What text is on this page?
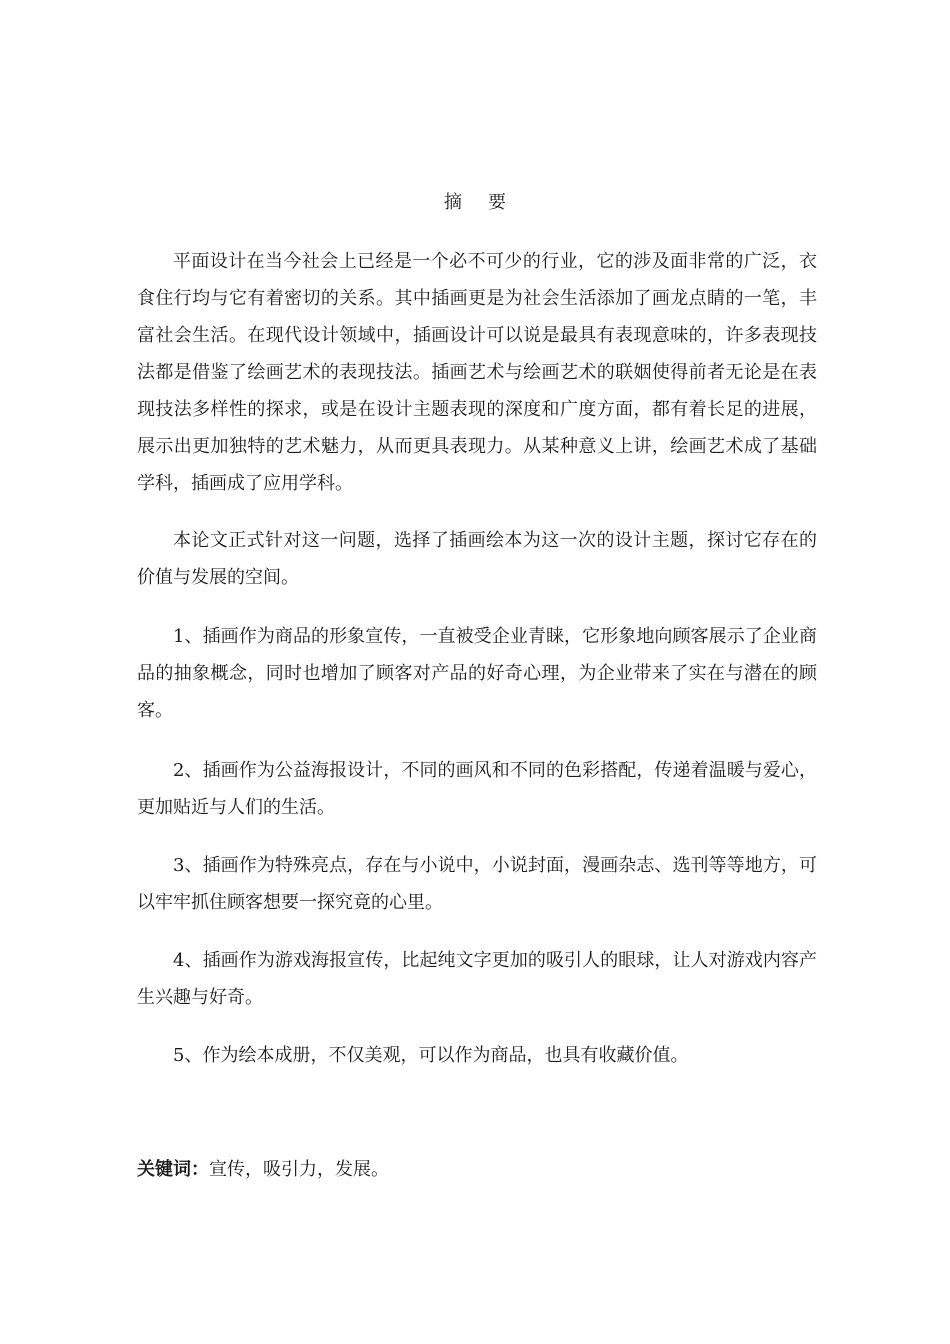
摘 要

平面设计在当今社会上已经是一个必不可少的行业，它的涉及面非常的广泛，衣食住行均与它有着密切的关系。其中插画更是为社会生活添加了画龙点睛的一笔，丰富社会生活。在现代设计领域中，插画设计可以说是最具有表现意味的，许多表现技法都是借鉴了绘画艺术的表现技法。插画艺术与绘画艺术的联姻使得前者无论是在表现技法多样性的探求，或是在设计主题表现的深度和广度方面，都有着长足的进展，展示出更加独特的艺术魅力，从而更具表现力。从某种意义上讲，绘画艺术成了基础学科，插画成了应用学科。

本论文正式针对这一问题，选择了插画绘本为这一次的设计主题，探讨它存在的价值与发展的空间。

1、插画作为商品的形象宣传，一直被受企业青睐，它形象地向顾客展示了企业商品的抽象概念，同时也增加了顾客对产品的好奇心理，为企业带来了实在与潜在的顾客。

2、插画作为公益海报设计，不同的画风和不同的色彩搭配，传递着温暖与爱心，更加贴近与人们的生活。

3、插画作为特殊亮点，存在与小说中，小说封面，漫画杂志、选刊等等地方，可以牢牢抓住顾客想要一探究竟的心里。

4、插画作为游戏海报宣传，比起纯文字更加的吸引人的眼球，让人对游戏内容产生兴趣与好奇。

5、作为绘本成册，不仅美观，可以作为商品，也具有收藏价值。

关键词：宣传，吸引力，发展。
